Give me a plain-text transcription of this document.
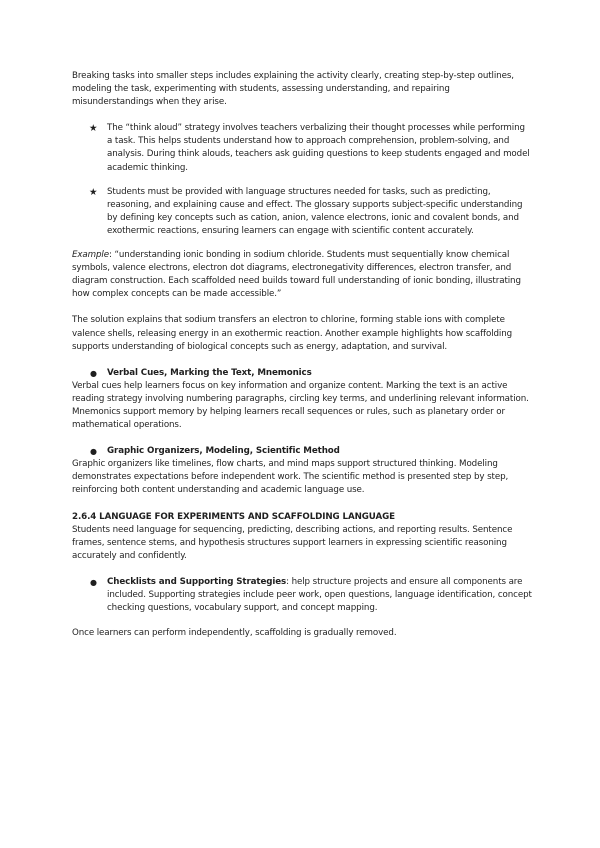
Breaking tasks into smaller steps includes explaining the activity clearly, creating step-by-step outlines, modeling the task, experimenting with students, assessing understanding, and repairing misunderstandings when they arise.

★ The “think aloud” strategy involves teachers verbalizing their thought processes while performing a task. This helps students understand how to approach comprehension, problem-solving, and analysis. During think alouds, teachers ask guiding questions to keep students engaged and model academic thinking.

★ Students must be provided with language structures needed for tasks, such as predicting, reasoning, and explaining cause and effect. The glossary supports subject-specific understanding by defining key concepts such as cation, anion, valence electrons, ionic and covalent bonds, and exothermic reactions, ensuring learners can engage with scientific content accurately.

Example: “understanding ionic bonding in sodium chloride. Students must sequentially know chemical symbols, valence electrons, electron dot diagrams, electronegativity differences, electron transfer, and diagram construction. Each scaffolded need builds toward full understanding of ionic bonding, illustrating how complex concepts can be made accessible.”

The solution explains that sodium transfers an electron to chlorine, forming stable ions with complete valence shells, releasing energy in an exothermic reaction. Another example highlights how scaffolding supports understanding of biological concepts such as energy, adaptation, and survival.

● Verbal Cues, Marking the Text, Mnemonics

Verbal cues help learners focus on key information and organize content. Marking the text is an active reading strategy involving numbering paragraphs, circling key terms, and underlining relevant information. Mnemonics support memory by helping learners recall sequences or rules, such as planetary order or mathematical operations.

● Graphic Organizers, Modeling, Scientific Method

Graphic organizers like timelines, flow charts, and mind maps support structured thinking. Modeling demonstrates expectations before independent work. The scientific method is presented step by step, reinforcing both content understanding and academic language use.

2.6.4 LANGUAGE FOR EXPERIMENTS AND SCAFFOLDING LANGUAGE

Students need language for sequencing, predicting, describing actions, and reporting results. Sentence frames, sentence stems, and hypothesis structures support learners in expressing scientific reasoning accurately and confidently.

● Checklists and Supporting Strategies: help structure projects and ensure all components are included. Supporting strategies include peer work, open questions, language identification, concept checking questions, vocabulary support, and concept mapping.

Once learners can perform independently, scaffolding is gradually removed.
